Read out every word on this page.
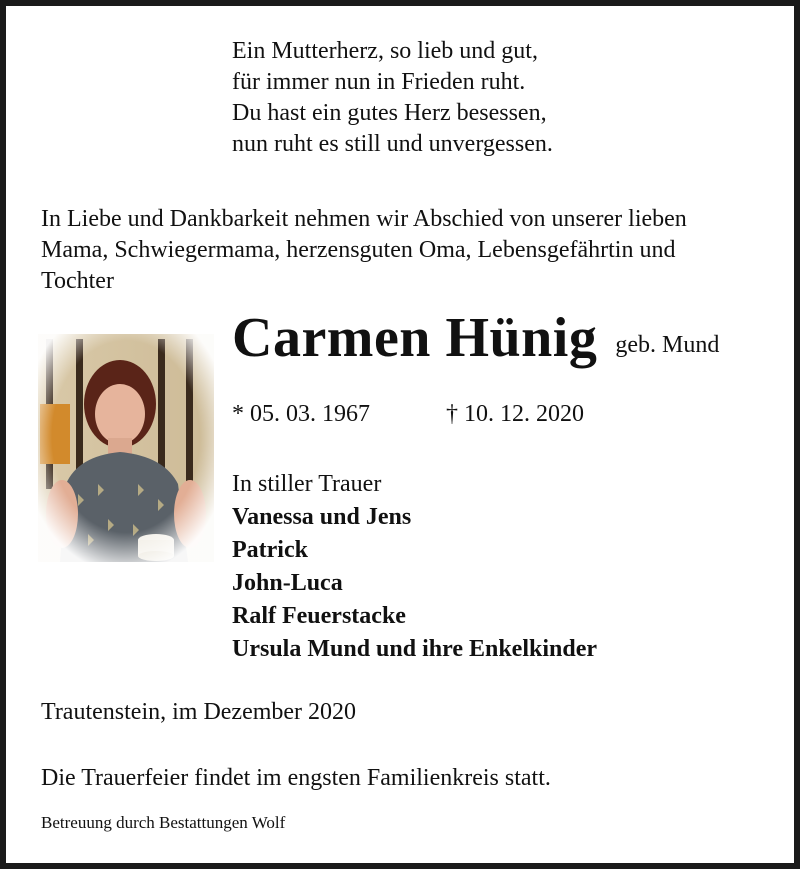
Ein Mutterherz, so lieb und gut,
für immer nun in Frieden ruht.
Du hast ein gutes Herz besessen,
nun ruht es still und unvergessen.
In Liebe und Dankbarkeit nehmen wir Abschied von unserer lieben
Mama, Schwiegermama, herzensguten Oma, Lebensgefährtin und
Tochter
Carmen Hünig geb. Mund
* 05. 03. 1967	† 10. 12. 2020
In stiller Trauer
Vanessa und Jens
Patrick
John-Luca
Ralf Feuerstacke
Ursula Mund und ihre Enkelkinder
Trautenstein, im Dezember 2020
Die Trauerfeier findet im engsten Familienkreis statt.
Betreuung durch Bestattungen Wolf
